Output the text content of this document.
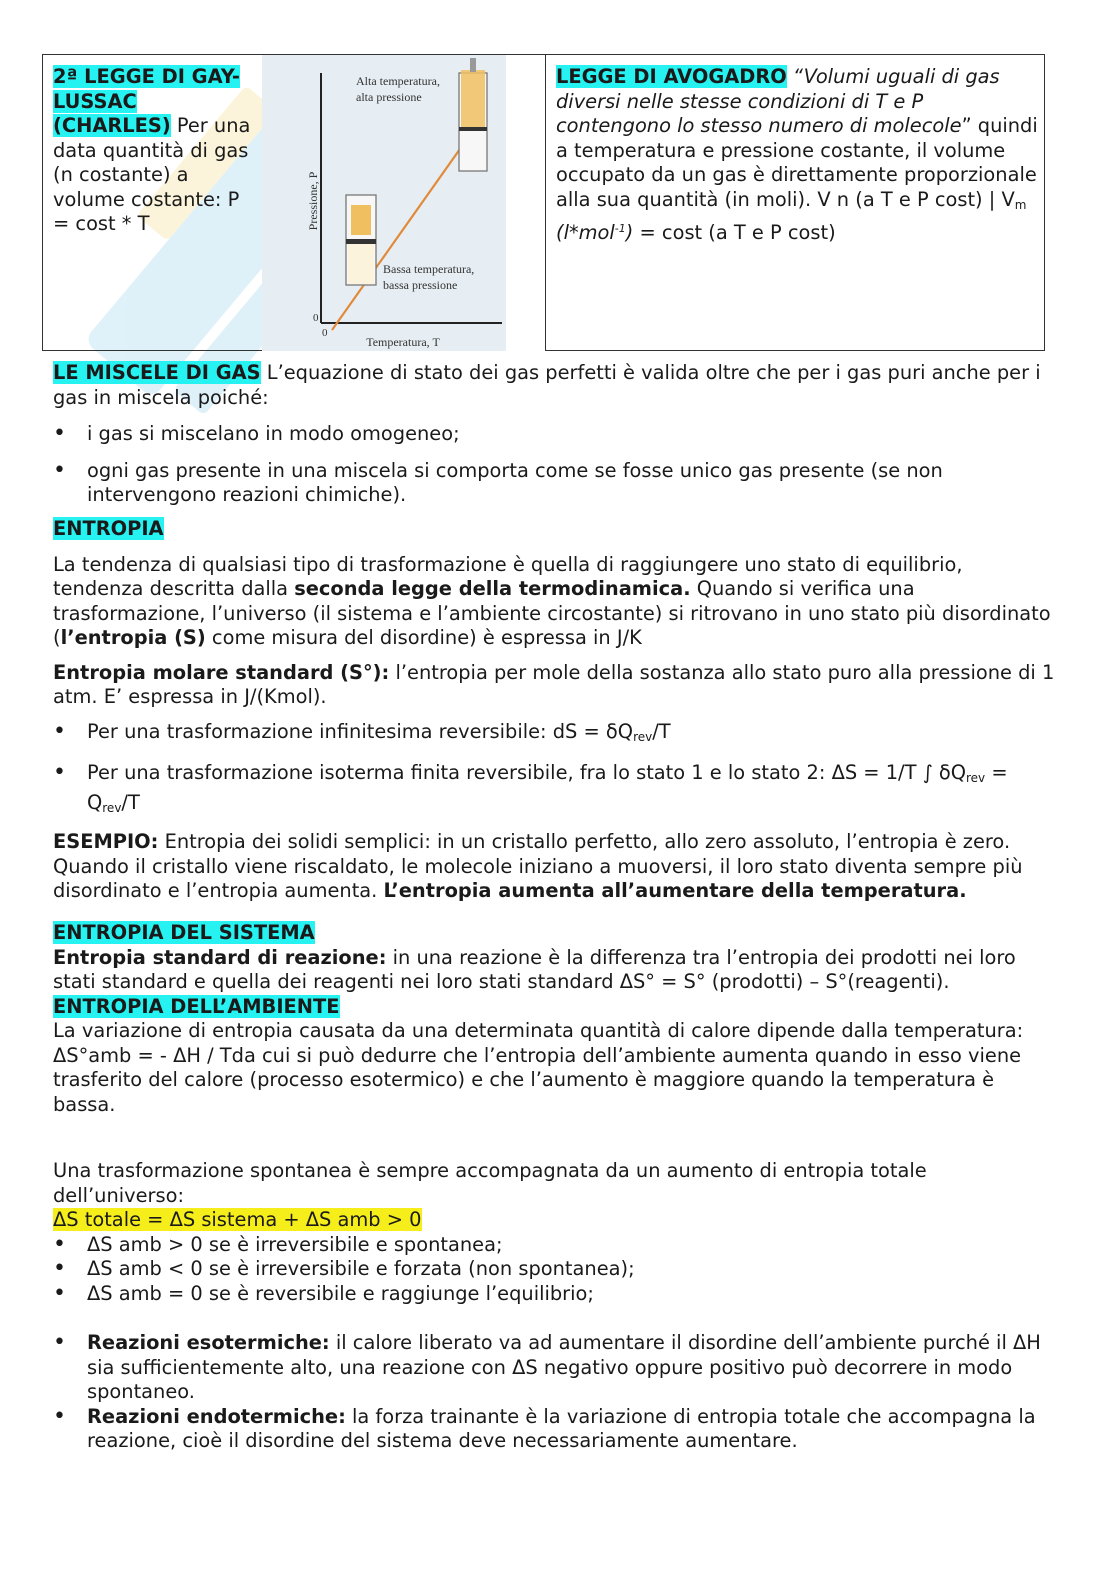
2ª LEGGE DI GAY-LUSSAC (CHARLES) Per una data quantità di gas (n costante) a volume costante: P = cost * T
Alta temperatura,
alta pressione
Bassa temperatura,
bassa pressione
Pressione, P
Temperatura, T
0
0
LEGGE DI AVOGADRO “Volumi uguali di gas diversi nelle stesse condizioni di T e P contengono lo stesso numero di molecole” quindi a temperatura e pressione costante, il volume occupato da un gas è direttamente proporzionale alla sua quantità (in moli). V n (a T e P cost) | $V_m$ (l*mol$^{-1}$) = cost (a T e P cost)

LE MISCELE DI GAS L’equazione di stato dei gas perfetti è valida oltre che per i gas puri anche per i gas in miscela poiché:

• i gas si miscelano in modo omogeneo;
• ogni gas presente in una miscela si comporta come se fosse unico gas presente (se non intervengono reazioni chimiche).

ENTROPIA

La tendenza di qualsiasi tipo di trasformazione è quella di raggiungere uno stato di equilibrio, tendenza descritta dalla seconda legge della termodinamica. Quando si verifica una trasformazione, l’universo (il sistema e l’ambiente circostante) si ritrovano in uno stato più disordinato (l’entropia (S) come misura del disordine) è espressa in J/K

Entropia molare standard (S°): l’entropia per mole della sostanza allo stato puro alla pressione di 1 atm. E’ espressa in J/(Kmol).

• Per una trasformazione infinitesima reversibile: dS = $\delta Q_{rev}/T$
• Per una trasformazione isoterma finita reversibile, fra lo stato 1 e lo stato 2: ΔS = 1/T ∫ $\delta Q_{rev} = Q_{rev}/T$

ESEMPIO: Entropia dei solidi semplici: in un cristallo perfetto, allo zero assoluto, l’entropia è zero. Quando il cristallo viene riscaldato, le molecole iniziano a muoversi, il loro stato diventa sempre più disordinato e l’entropia aumenta. L’entropia aumenta all’aumentare della temperatura.

ENTROPIA DEL SISTEMA

Entropia standard di reazione: in una reazione è la differenza tra l’entropia dei prodotti nei loro stati standard e quella dei reagenti nei loro stati standard ΔS° = S° (prodotti) – S°(reagenti).

ENTROPIA DELL’AMBIENTE

La variazione di entropia causata da una determinata quantità di calore dipende dalla temperatura:

ΔS°amb = - ΔH / Tda cui si può dedurre che l’entropia dell’ambiente aumenta quando in esso viene trasferito del calore (processo esotermico) e che l’aumento è maggiore quando la temperatura è bassa.

Una trasformazione spontanea è sempre accompagnata da un aumento di entropia totale dell’universo:

ΔS totale = ΔS sistema + ΔS amb > 0

• ΔS amb > 0 se è irreversibile e spontanea;
• ΔS amb < 0 se è irreversibile e forzata (non spontanea);
• ΔS amb = 0 se è reversibile e raggiunge l’equilibrio;
• Reazioni esotermiche: il calore liberato va ad aumentare il disordine dell’ambiente purché il ΔH sia sufficientemente alto, una reazione con ΔS negativo oppure positivo può decorrere in modo spontaneo.
• Reazioni endotermiche: la forza trainante è la variazione di entropia totale che accompagna la reazione, cioè il disordine del sistema deve necessariamente aumentare.
